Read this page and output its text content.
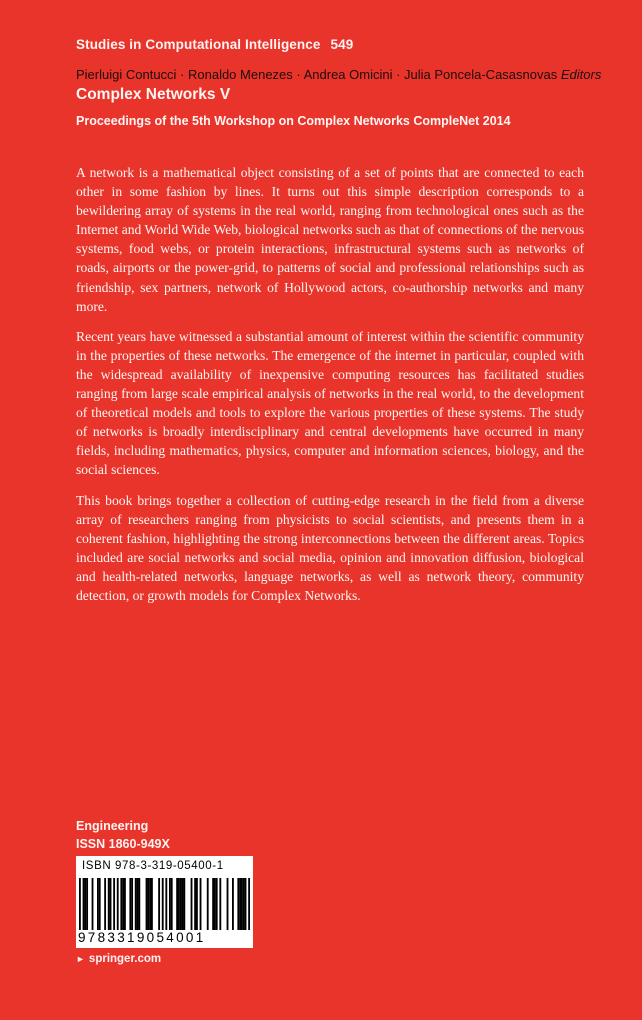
Studies in Computational Intelligence 549
Pierluigi Contucci · Ronaldo Menezes · Andrea Omicini · Julia Poncela-Casasnovas Editors
Complex Networks V
Proceedings of the 5th Workshop on Complex Networks CompleNet 2014

A network is a mathematical object consisting of a set of points that are connected to each other in some fashion by lines. It turns out this simple description corresponds to a bewildering array of systems in the real world, ranging from technological ones such as the Internet and World Wide Web, biological networks such as that of connections of the nervous systems, food webs, or protein interactions, infrastructural systems such as networks of roads, airports or the power-grid, to patterns of social and professional relationships such as friendship, sex partners, network of Hollywood actors, co-authorship networks and many more.

Recent years have witnessed a substantial amount of interest within the scientific community in the properties of these networks. The emergence of the internet in particular, coupled with the widespread availability of inexpensive computing resources has facilitated studies ranging from large scale empirical analysis of networks in the real world, to the development of theoretical models and tools to explore the various properties of these systems. The study of networks is broadly interdisciplinary and central developments have occurred in many fields, including mathematics, physics, computer and information sciences, biology, and the social sciences.

This book brings together a collection of cutting-edge research in the field from a diverse array of researchers ranging from physicists to social scientists, and presents them in a coherent fashion, highlighting the strong interconnections between the different areas. Topics included are social networks and social media, opinion and innovation diffusion, biological and health-related networks, language networks, as well as network theory, community detection, or growth models for Complex Networks.

Engineering
ISSN 1860-949X
ISBN 978-3-319-05400-1
9783319054001
► springer.com
